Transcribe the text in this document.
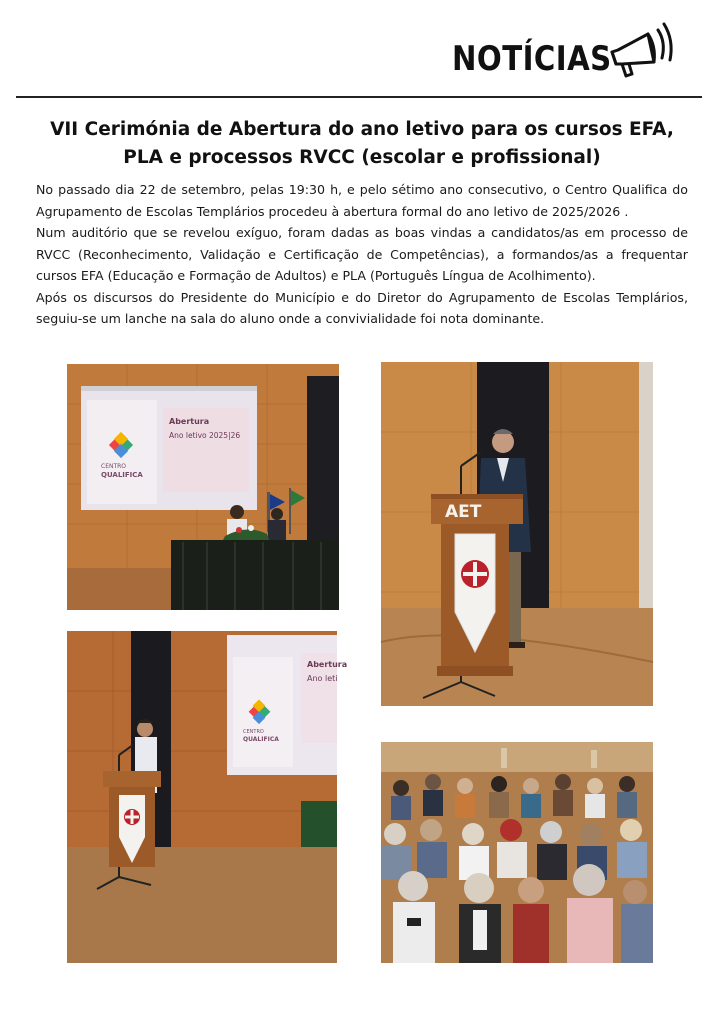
NOTÍCIAS
VII Cerimónia de Abertura do ano letivo para os cursos EFA,
PLA e processos RVCC (escolar e profissional)

No passado dia 22 de setembro, pelas 19:30 h, e pelo sétimo ano consecutivo, o Centro Qualifica do Agrupamento de Escolas Templários procedeu à abertura formal do ano letivo de 2025/2026 .

Num auditório que se revelou exíguo, foram dadas as boas vindas a candidatos/as em processo de RVCC (Reconhecimento, Validação e Certificação de Competências), a formandos/as a frequentar cursos EFA (Educação e Formação de Adultos) e PLA (Português Língua de Acolhimento).

Após os discursos do Presidente do Município e do Diretor do Agrupamento de Escolas Templários, seguiu-se um lanche na sala do aluno onde a convivialidade foi nota dominante.

Abertura
Ano letivo 2025|26
CENTRO
QUALIFICA
AET
Abertura
Ano leti
CENTRO
QUALIFICA
